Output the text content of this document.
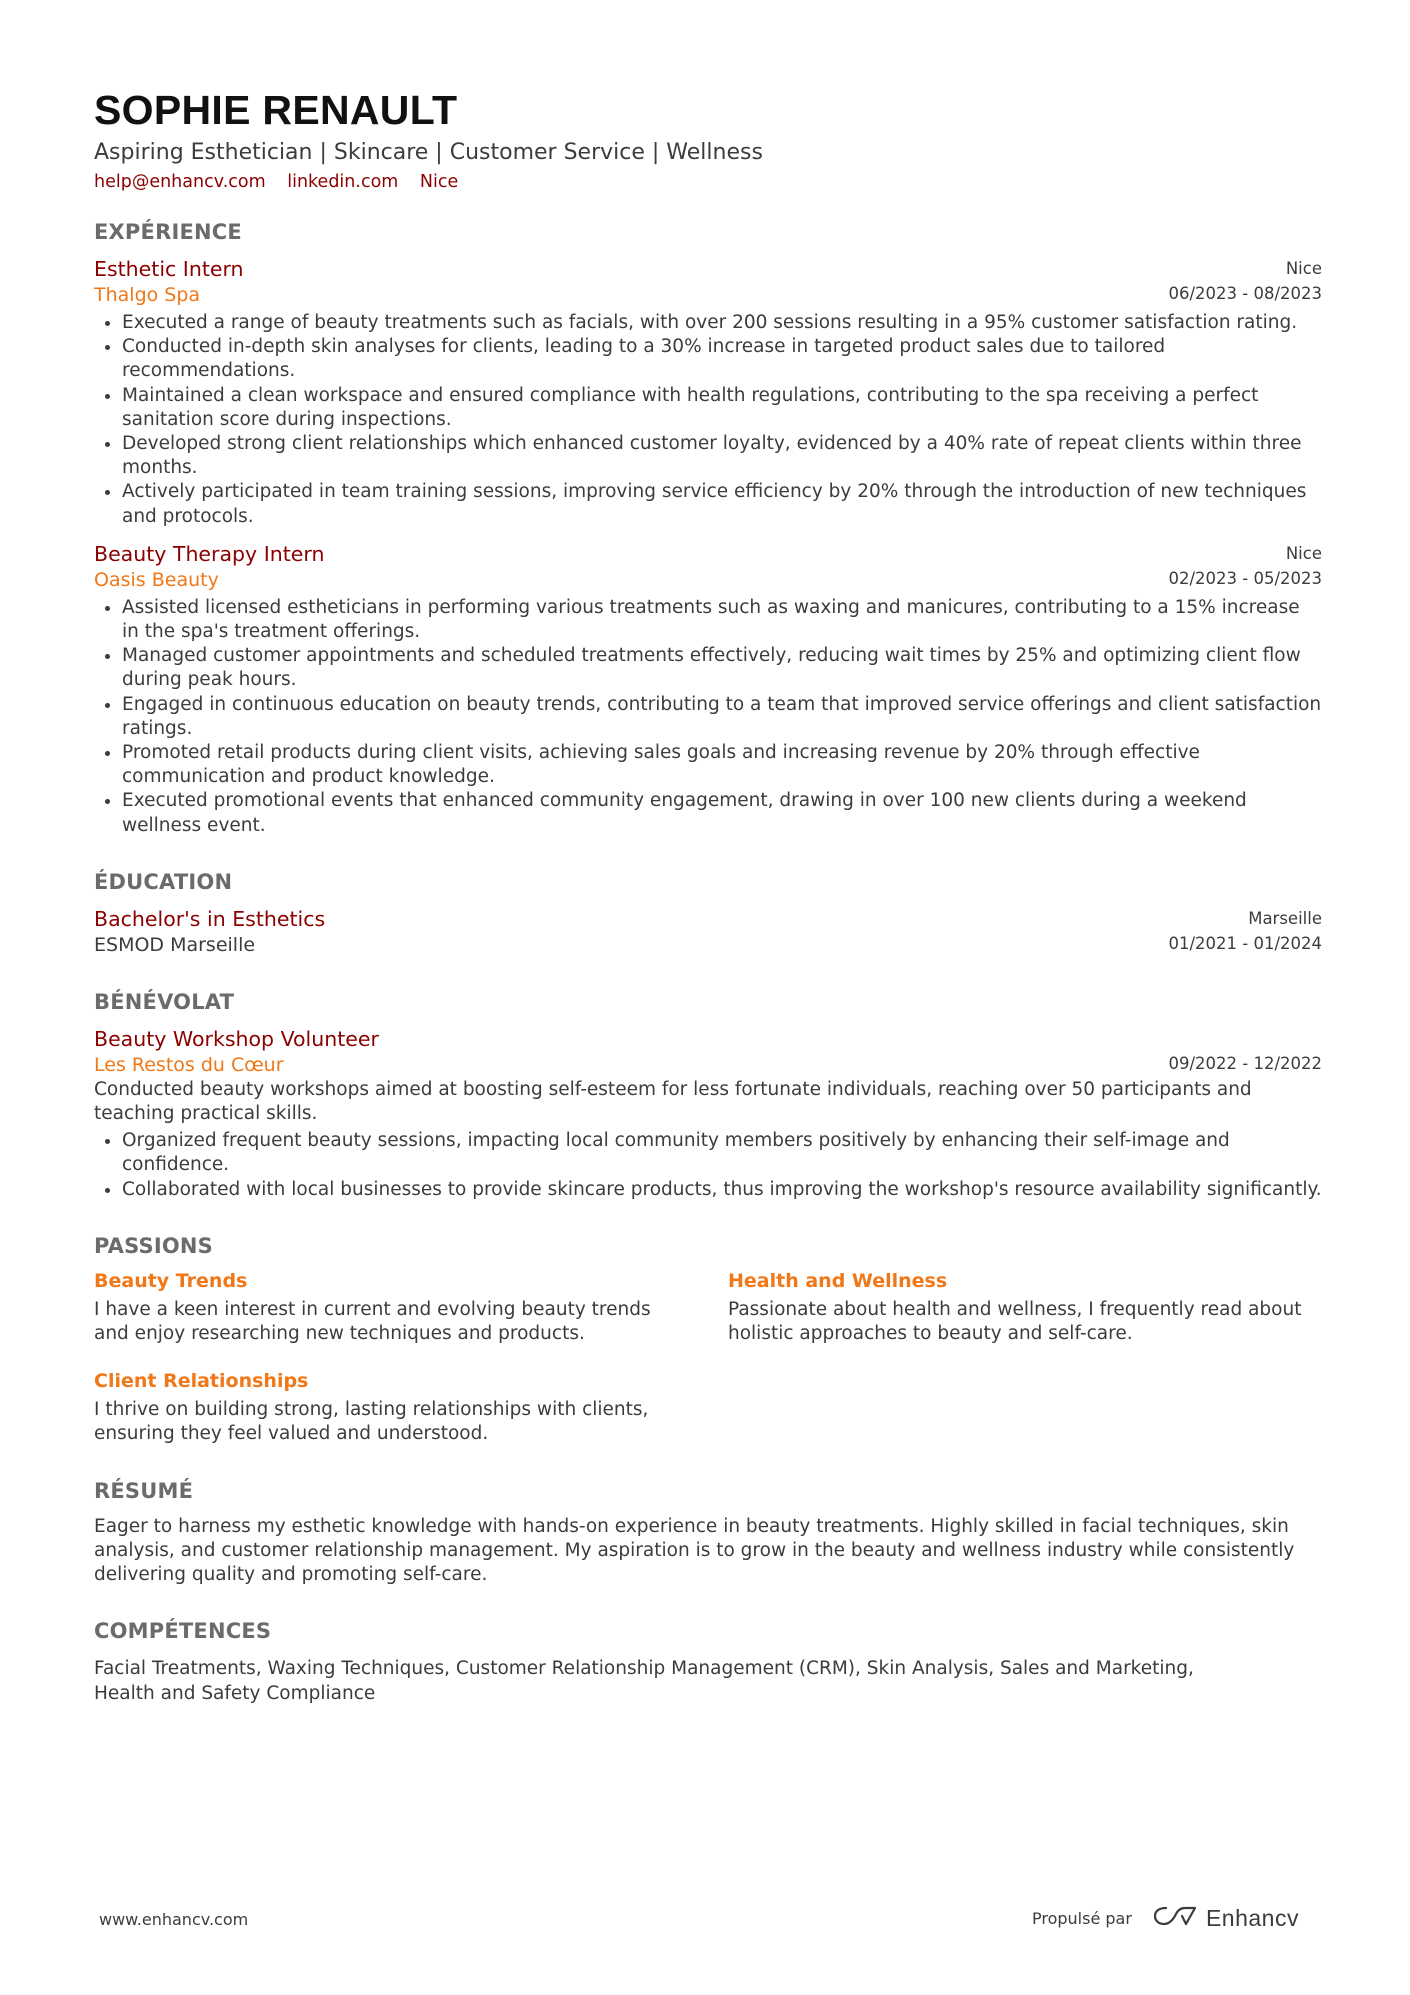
SOPHIE RENAULT
Aspiring Esthetician | Skincare | Customer Service | Wellness
help@enhancv.com linkedin.com Nice
EXPÉRIENCE
Esthetic Intern
Thalgo Spa
Nice
06/2023 - 08/2023
• Executed a range of beauty treatments such as facials, with over 200 sessions resulting in a 95% customer satisfaction rating.
• Conducted in-depth skin analyses for clients, leading to a 30% increase in targeted product sales due to tailored recommendations.
• Maintained a clean workspace and ensured compliance with health regulations, contributing to the spa receiving a perfect sanitation score during inspections.
• Developed strong client relationships which enhanced customer loyalty, evidenced by a 40% rate of repeat clients within three months.
• Actively participated in team training sessions, improving service efficiency by 20% through the introduction of new techniques and protocols.
Beauty Therapy Intern
Oasis Beauty
Nice
02/2023 - 05/2023
• Assisted licensed estheticians in performing various treatments such as waxing and manicures, contributing to a 15% increase in the spa's treatment offerings.
• Managed customer appointments and scheduled treatments effectively, reducing wait times by 25% and optimizing client flow during peak hours.
• Engaged in continuous education on beauty trends, contributing to a team that improved service offerings and client satisfaction ratings.
• Promoted retail products during client visits, achieving sales goals and increasing revenue by 20% through effective communication and product knowledge.
• Executed promotional events that enhanced community engagement, drawing in over 100 new clients during a weekend wellness event.
ÉDUCATION
Bachelor's in Esthetics
ESMOD Marseille
Marseille
01/2021 - 01/2024
BÉNÉVOLAT
Beauty Workshop Volunteer
Les Restos du Cœur	09/2022 - 12/2022
Conducted beauty workshops aimed at boosting self-esteem for less fortunate individuals, reaching over 50 participants and teaching practical skills.
• Organized frequent beauty sessions, impacting local community members positively by enhancing their self-image and confidence.
• Collaborated with local businesses to provide skincare products, thus improving the workshop's resource availability significantly.
PASSIONS
Beauty Trends
I have a keen interest in current and evolving beauty trends and enjoy researching new techniques and products.
Health and Wellness
Passionate about health and wellness, I frequently read about holistic approaches to beauty and self-care.
Client Relationships
I thrive on building strong, lasting relationships with clients, ensuring they feel valued and understood.
RÉSUMÉ
Eager to harness my esthetic knowledge with hands-on experience in beauty treatments. Highly skilled in facial techniques, skin analysis, and customer relationship management. My aspiration is to grow in the beauty and wellness industry while consistently delivering quality and promoting self-care.
COMPÉTENCES
Facial Treatments, Waxing Techniques, Customer Relationship Management (CRM), Skin Analysis, Sales and Marketing,
Health and Safety Compliance
www.enhancv.com	Propulsé par	Enhancv
